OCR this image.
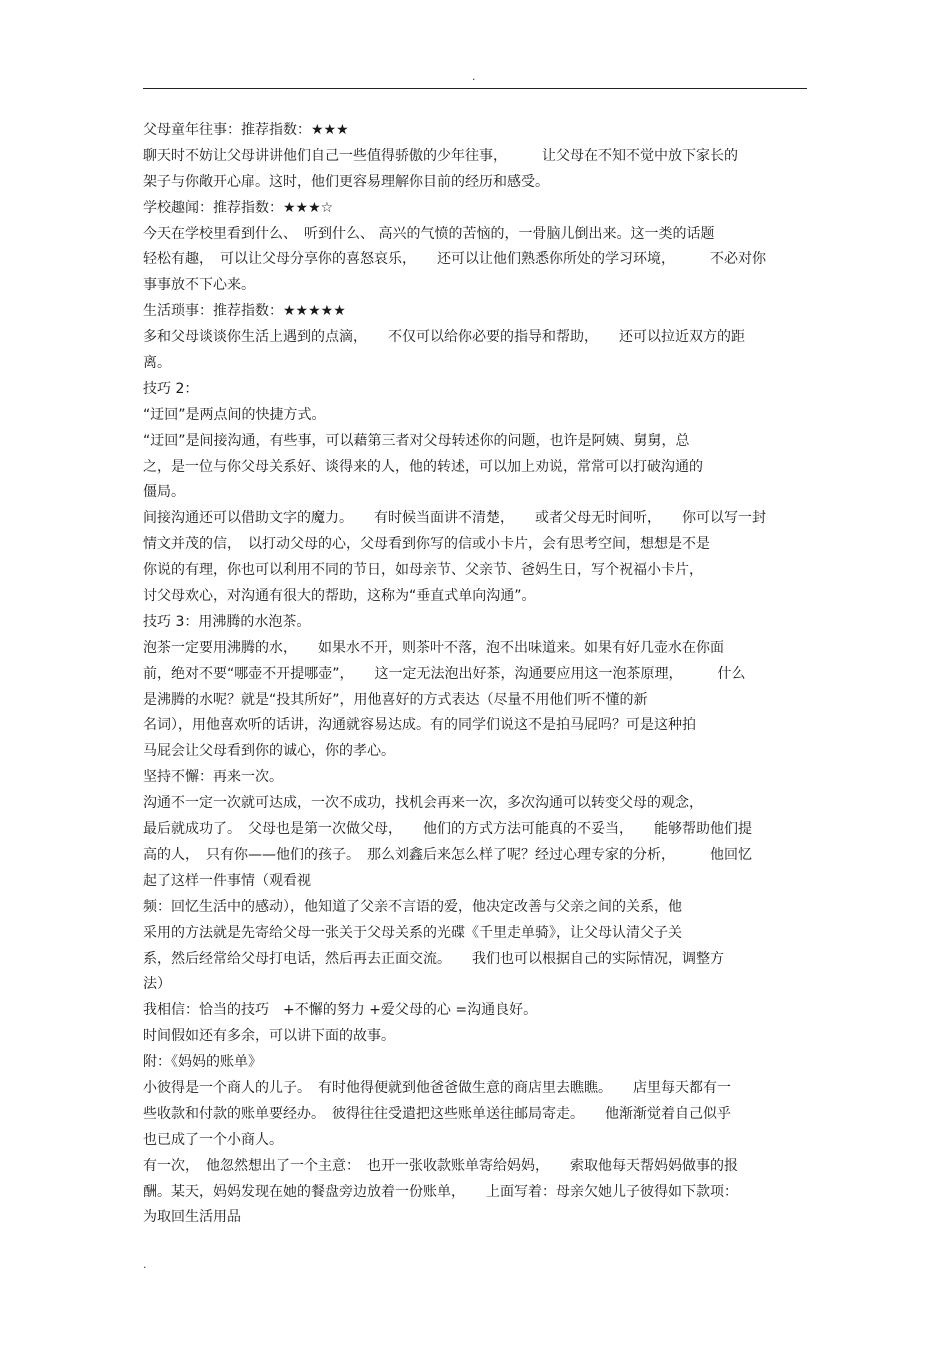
.
父母童年往事：推荐指数：★★★
聊天时不妨让父母讲讲他们自己一些值得骄傲的少年往事，　　　让父母在不知不觉中放下家长的
架子与你敞开心扉。这时，他们更容易理解你目前的经历和感受。
学校趣闻：推荐指数：★★★☆
今天在学校里看到什么、　听到什么、 高兴的气愤的苦恼的，一骨脑儿倒出来。这一类的话题
轻松有趣，　可以让父母分享你的喜怒哀乐，　　还可以让他们熟悉你所处的学习环境，　　　不必对你
事事放不下心来。
生活琐事：推荐指数：★★★★★
多和父母谈谈你生活上遇到的点滴，　　不仅可以给你必要的指导和帮助，　　还可以拉近双方的距
离。
技巧 2：
“迂回”是两点间的快捷方式。
“迂回”是间接沟通，有些事，可以藉第三者对父母转述你的问题，也许是阿姨、舅舅，总
之，是一位与你父母关系好、谈得来的人，他的转述，可以加上劝说，常常可以打破沟通的
僵局。
间接沟通还可以借助文字的魔力。　　有时候当面讲不清楚，　　或者父母无时间听，　　你可以写一封
情文并茂的信，　以打动父母的心，父母看到你写的信或小卡片，会有思考空间，想想是不是
你说的有理，你也可以利用不同的节日，如母亲节、父亲节、爸妈生日，写个祝福小卡片，
讨父母欢心，对沟通有很大的帮助，这称为“垂直式单向沟通”。
技巧 3：用沸腾的水泡茶。
泡茶一定要用沸腾的水，　　如果水不开，则茶叶不落，泡不出味道来。如果有好几壶水在你面
前，绝对不要“哪壶不开提哪壶”，　　这一定无法泡出好茶，沟通要应用这一泡茶原理，　　　什么
是沸腾的水呢？就是“投其所好”，用他喜好的方式表达（尽量不用他们听不懂的新
名词），用他喜欢听的话讲，沟通就容易达成。有的同学们说这不是拍马屁吗？可是这种拍
马屁会让父母看到你的诚心，你的孝心。
坚持不懈：再来一次。
沟通不一定一次就可达成，一次不成功，找机会再来一次，多次沟通可以转变父母的观念，
最后就成功了。　父母也是第一次做父母，　　他们的方式方法可能真的不妥当，　　能够帮助他们提
高的人，　只有你——他们的孩子。　那么刘鑫后来怎么样了呢？经过心理专家的分析，　　　他回忆
起了这样一件事情（观看视
频：回忆生活中的感动），他知道了父亲不言语的爱，他决定改善与父亲之间的关系，他
采用的方法就是先寄给父母一张关于父母关系的光碟《千里走单骑》，让父母认清父子关
系，然后经常给父母打电话，然后再去正面交流。　　我们也可以根据自己的实际情况，调整方
法）
我相信：恰当的技巧　+不懈的努力 +爱父母的心 =沟通良好。
时间假如还有多余，可以讲下面的故事。
附：《妈妈的账单》
小彼得是一个商人的儿子。　有时他得便就到他爸爸做生意的商店里去瞧瞧。　　店里每天都有一
些收款和付款的账单要经办。　彼得往往受遣把这些账单送往邮局寄走。　　他渐渐觉着自己似乎
也已成了一个小商人。
有一次，　他忽然想出了一个主意：　也开一张收款账单寄给妈妈，　　索取他每天帮妈妈做事的报
酬。某天，妈妈发现在她的餐盘旁边放着一份账单，　　上面写着：母亲欠她儿子彼得如下款项：
为取回生活用品
.
